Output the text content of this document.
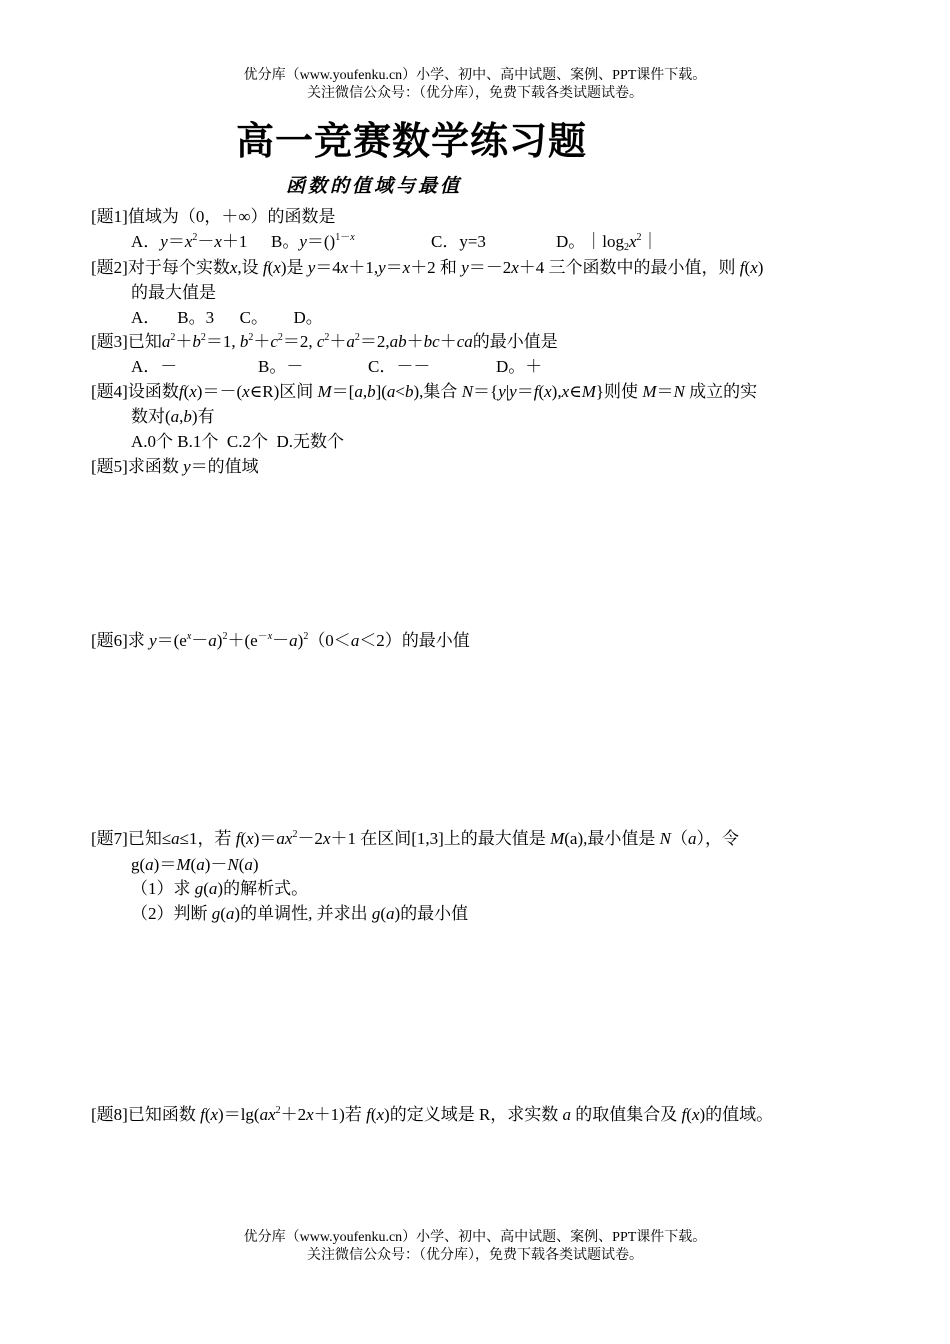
优分库（www.youfenku.cn）小学、初中、高中试题、案例、PPT课件下载。
关注微信公众号：（优分库），免费下载各类试题试卷。
高一竞赛数学练习题
函数的值域与最值
[题1]值域为（0，＋∞）的函数是
A．$y=x^2-x+1$ B。y＝()$^{1-x}$	C．y=3	D。$|\log_2x^2|$
[题2]对于每个实数x,设 f(x)是 y＝4x＋1,y＝x＋2 和 y＝－2x＋4 三个函数中的最小值，则 f(x)
的最大值是
A．    B。3      C。      D。
[题3]已知$a^2+b^2=1$, $b^2+c^2=2$, $c^2+a^2=2,ab+bc+ca$的最小值是
A．－	B。－	C．－－	D。＋
[题4]设函数f(x)＝－(x∈R)区间 M＝[a,b](a<b),集合 N＝{y|y＝f(x),x∈M}则使 M＝N 成立的实
数对(a,b)有
A.0个 B.1个  C.2个  D.无数个
[题5]求函数 y＝的值域
[题6]求 $y=(e^x-a)^2+(e^{-x}-a)^2(0<a<2)$的最小值
[题7]已知≤a≤1，若 $f(x)=ax^2-2x+1$ 在区间[1,3]上的最大值是 M(a),最小值是 N（a），令
g(a)＝M(a)－N(a)
（1）求 g(a)的解析式。
（2）判断 g(a)的单调性, 并求出 g(a)的最小值
[题8]已知函数 $f(x)=\lg(ax^2+2x+1)$若 f(x)的定义域是 R，求实数 a 的取值集合及 f(x)的值域。
优分库（www.youfenku.cn）小学、初中、高中试题、案例、PPT课件下载。
关注微信公众号：（优分库），免费下载各类试题试卷。
